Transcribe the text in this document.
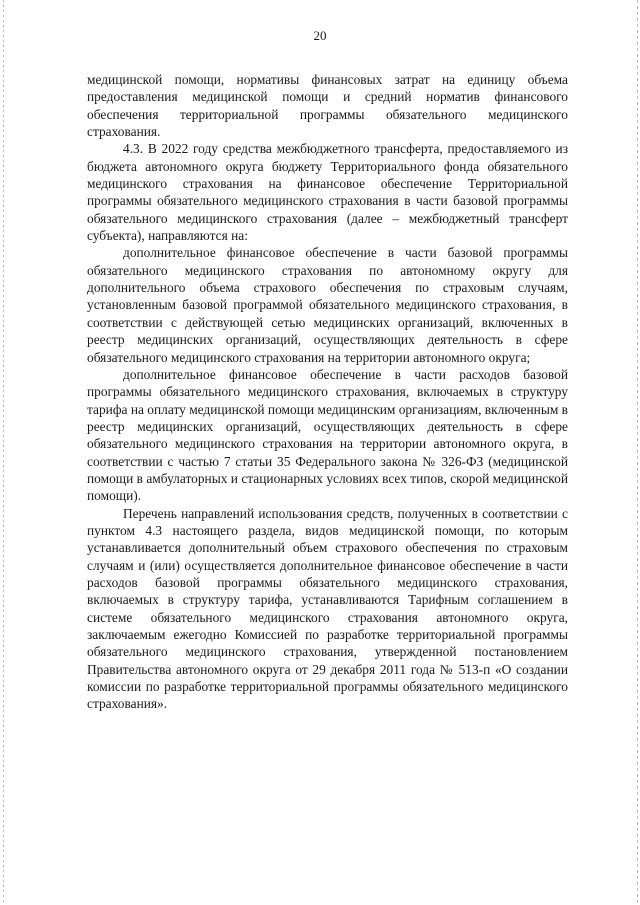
20

медицинской помощи, нормативы финансовых затрат на единицу объема предоставления медицинской помощи и средний норматив финансового обеспечения территориальной программы обязательного медицинского страхования.

4.3. В 2022 году средства межбюджетного трансферта, предоставляемого из бюджета автономного округа бюджету Территориального фонда обязательного медицинского страхования на финансовое обеспечение Территориальной программы обязательного медицинского страхования в части базовой программы обязательного медицинского страхования (далее – межбюджетный трансферт субъекта), направляются на:

дополнительное финансовое обеспечение в части базовой программы обязательного медицинского страхования по автономному округу для дополнительного объема страхового обеспечения по страховым случаям, установленным базовой программой обязательного медицинского страхования, в соответствии с действующей сетью медицинских организаций, включенных в реестр медицинских организаций, осуществляющих деятельность в сфере обязательного медицинского страхования на территории автономного округа;

дополнительное финансовое обеспечение в части расходов базовой программы обязательного медицинского страхования, включаемых в структуру тарифа на оплату медицинской помощи медицинским организациям, включенным в реестр медицинских организаций, осуществляющих деятельность в сфере обязательного медицинского страхования на территории автономного округа, в соответствии с частью 7 статьи 35 Федерального закона № 326-ФЗ (медицинской помощи в амбулаторных и стационарных условиях всех типов, скорой медицинской помощи).

Перечень направлений использования средств, полученных в соответствии с пунктом 4.3 настоящего раздела, видов медицинской помощи, по которым устанавливается дополнительный объем страхового обеспечения по страховым случаям и (или) осуществляется дополнительное финансовое обеспечение в части расходов базовой программы обязательного медицинского страхования, включаемых в структуру тарифа, устанавливаются Тарифным соглашением в системе обязательного медицинского страхования автономного округа, заключаемым ежегодно Комиссией по разработке территориальной программы обязательного медицинского страхования, утвержденной постановлением Правительства автономного округа от 29 декабря 2011 года № 513-п «О создании комиссии по разработке территориальной программы обязательного медицинского страхования».
